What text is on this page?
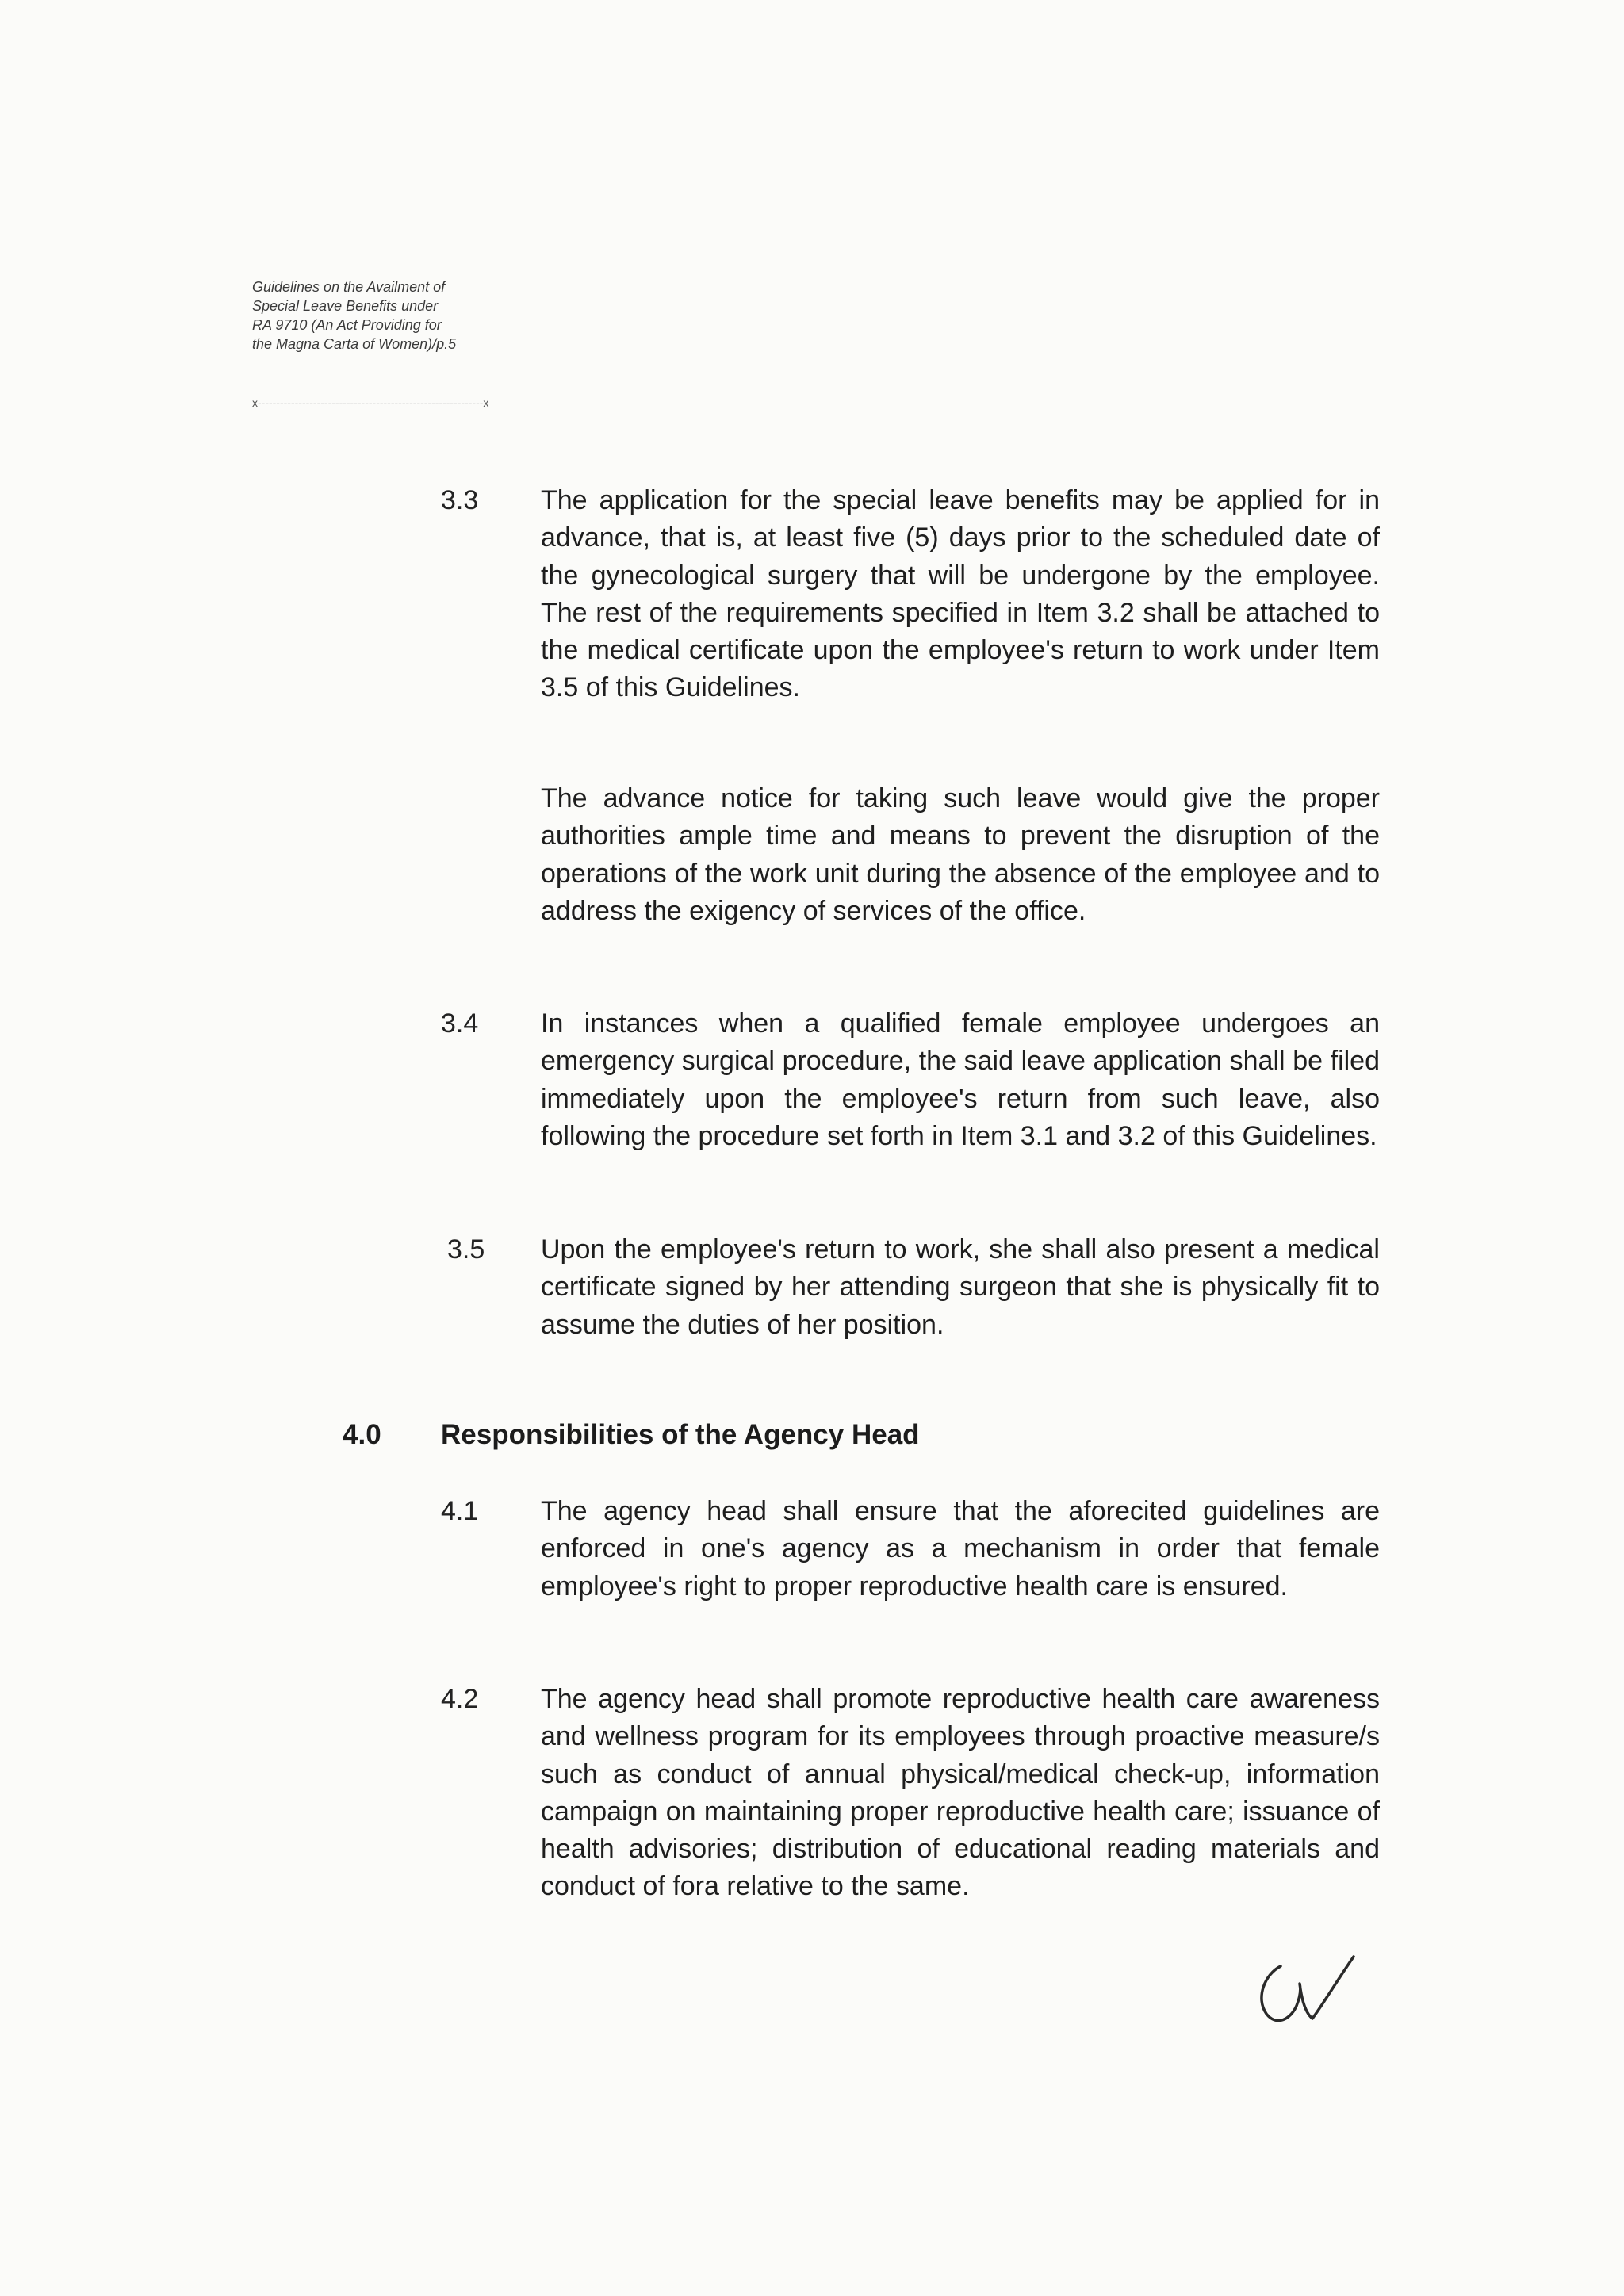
Guidelines on the Availment of
Special Leave Benefits under
RA 9710 (An Act Providing for
the Magna Carta of Women)/p.5
x-------------------------------------------------------------x
3.3 The application for the special leave benefits may be applied for in advance, that is, at least five (5) days prior to the scheduled date of the gynecological surgery that will be undergone by the employee. The rest of the requirements specified in Item 3.2 shall be attached to the medical certificate upon the employee's return to work under Item 3.5 of this Guidelines.
The advance notice for taking such leave would give the proper authorities ample time and means to prevent the disruption of the operations of the work unit during the absence of the employee and to address the exigency of services of the office.
3.4 In instances when a qualified female employee undergoes an emergency surgical procedure, the said leave application shall be filed immediately upon the employee's return from such leave, also following the procedure set forth in Item 3.1 and 3.2 of this Guidelines.
3.5 Upon the employee's return to work, she shall also present a medical certificate signed by her attending surgeon that she is physically fit to assume the duties of her position.
4.0 Responsibilities of the Agency Head
4.1 The agency head shall ensure that the aforecited guidelines are enforced in one's agency as a mechanism in order that female employee's right to proper reproductive health care is ensured.
4.2 The agency head shall promote reproductive health care awareness and wellness program for its employees through proactive measure/s such as conduct of annual physical/medical check-up, information campaign on maintaining proper reproductive health care; issuance of health advisories; distribution of educational reading materials and conduct of fora relative to the same.
